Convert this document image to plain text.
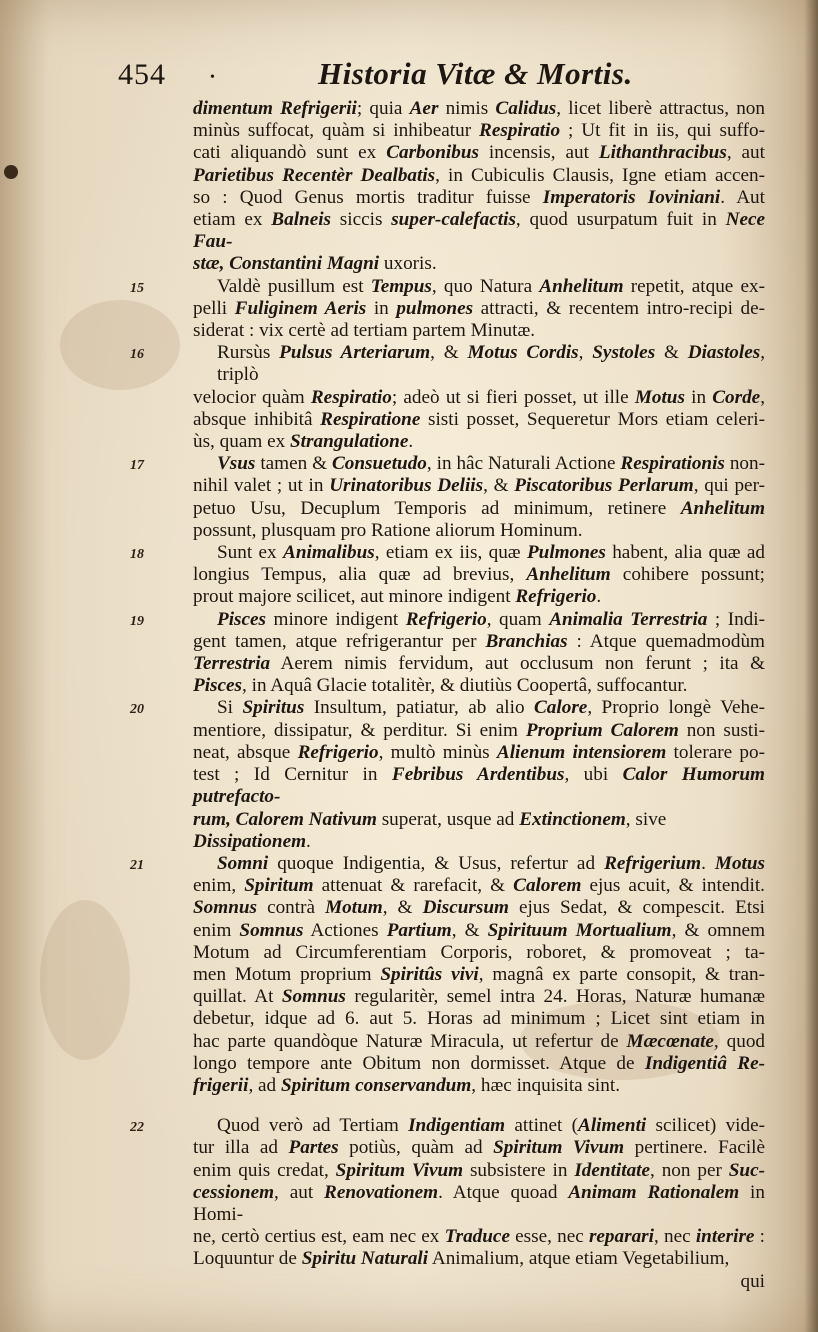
454	•	Historia Vitæ & Mortis.
dimentum Refrigerii; quia Aer nimis Calidus, licet liberè attractus, non
minùs suffocat, quàm si inhibeatur Respiratio ; Ut fit in iis, qui suffo-
cati aliquandò sunt ex Carbonibus incensis, aut Lithanthracibus, aut
Parietibus Recentèr Dealbatis, in Cubiculis Clausis, Igne etiam accen-
so : Quod Genus mortis traditur fuisse Imperatoris Ioviniani. Aut
etiam ex Balneis siccis super-calefactis, quod usurpatum fuit in Nece Fau-
stæ, Constantini Magni uxoris.
Valdè pusillum est Tempus, quo Natura Anhelitum repetit, atque ex-
15
pelli Fuliginem Aeris in pulmones attracti, & recentem intro-recipi de-
siderat : vix certè ad tertiam partem Minutæ.
Rursùs Pulsus Arteriarum, & Motus Cordis, Systoles & Diastoles, triplò
16
velocior quàm Respiratio; adeò ut si fieri posset, ut ille Motus in Corde,
absque inhibitâ Respiratione sisti posset, Sequeretur Mors etiam celeri-
ùs, quam ex Strangulatione.
Vsus tamen & Consuetudo, in hâc Naturali Actione Respirationis non-
17
nihil valet ; ut in Urinatoribus Deliis, & Piscatoribus Perlarum, qui per-
petuo Usu, Decuplum Temporis ad minimum, retinere Anhelitum
possunt, plusquam pro Ratione aliorum Hominum.
Sunt ex Animalibus, etiam ex iis, quæ Pulmones habent, alia quæ ad
18
longius Tempus, alia quæ ad brevius, Anhelitum cohibere possunt;
prout majore scilicet, aut minore indigent Refrigerio.
Pisces minore indigent Refrigerio, quam Animalia Terrestria ; Indi-
19
gent tamen, atque refrigerantur per Branchias : Atque quemadmodùm
Terrestria Aerem nimis fervidum, aut occlusum non ferunt ; ita &
Pisces, in Aquâ Glacie totalitèr, & diutiùs Coopertâ, suffocantur.
Si Spiritus Insultum, patiatur, ab alio Calore, Proprio longè Vehe-
20
mentiore, dissipatur, & perditur. Si enim Proprium Calorem non susti-
neat, absque Refrigerio, multò minùs Alienum intensiorem tolerare po-
test ; Id Cernitur in Febribus Ardentibus, ubi Calor Humorum putrefacto-
rum, Calorem Nativum superat, usque ad Extinctionem, sive Dissipationem.
Somni quoque Indigentia, & Usus, refertur ad Refrigerium. Motus
21
enim, Spiritum attenuat & rarefacit, & Calorem ejus acuit, & intendit.
Somnus contrà Motum, & Discursum ejus Sedat, & compescit. Etsi
enim Somnus Actiones Partium, & Spirituum Mortualium, & omnem
Motum ad Circumferentiam Corporis, roboret, & promoveat ; ta-
men Motum proprium Spiritûs vivi, magnâ ex parte consopit, & tran-
quillat. At Somnus regularitèr, semel intra 24. Horas, Naturæ humanæ
debetur, idque ad 6. aut 5. Horas ad minimum ; Licet sint etiam in
hac parte quandòque Naturæ Miracula, ut refertur de Mæcœnate, quod
longo tempore ante Obitum non dormisset. Atque de Indigentiâ Re-
frigerii, ad Spiritum conservandum, hæc inquisita sint.
Quod verò ad Tertiam Indigentiam attinet (Alimenti scilicet) vide-
22
tur illa ad Partes potiùs, quàm ad Spiritum Vivum pertinere. Facilè
enim quis credat, Spiritum Vivum subsistere in Identitate, non per Suc-
cessionem, aut Renovationem. Atque quoad Animam Rationalem in Homi-
ne, certò certius est, eam nec ex Traduce esse, nec reparari, nec interire :
Loquuntur de Spiritu Naturali Animalium, atque etiam Vegetabilium,
qui
